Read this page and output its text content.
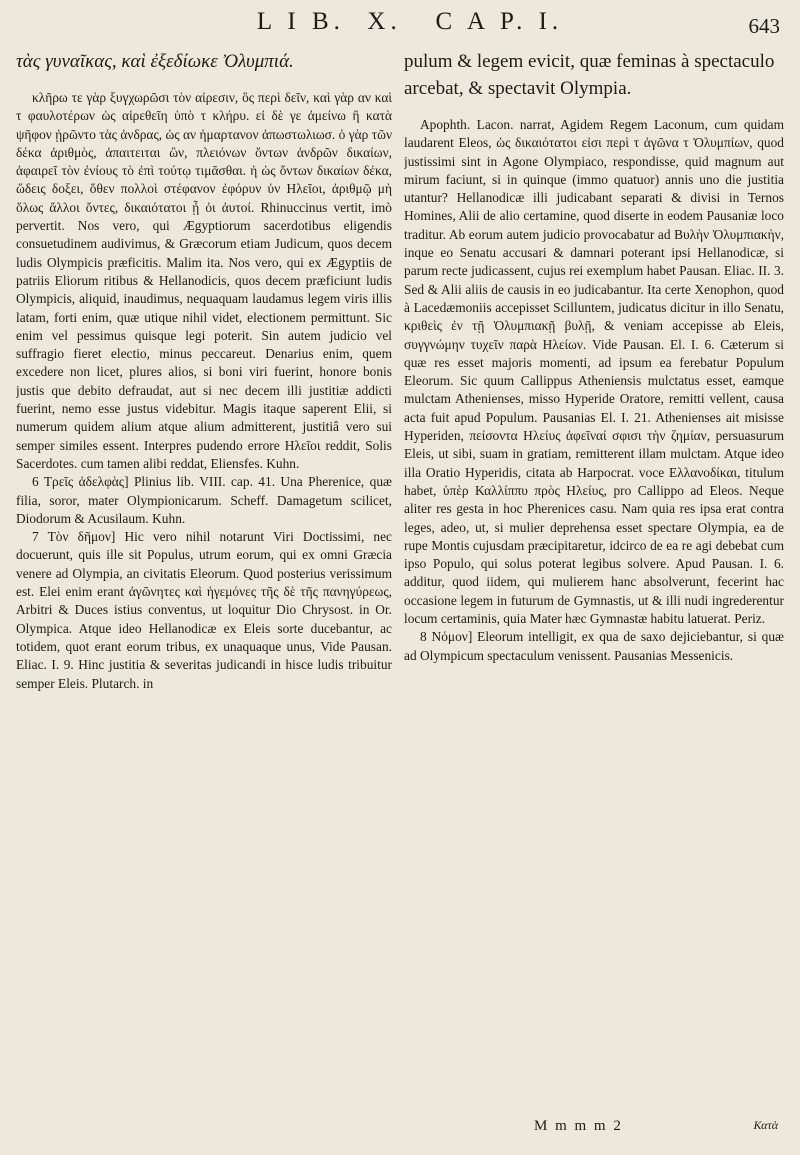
L I B. X. C A P. I.	643

τὰς γυναῖκας, καὶ ἐξεδίωκε Ὀλυμπιά.

κλῆρω τε γὰρ ξυγχωρῶσι τὸν αἰρεσιν, ὃς περὶ δεῖν, καὶ γὰρ αν καὶ τ φαυλοτέρων ὡς αἱρεθεῖη ὑπὸ τ κλήρυ. εἰ δὲ γε ἀμείνω ἢ κατὰ ψῆφον ᾑρῶντο τὰς ἀνδρας, ὡς αν ἡμαρτανον ἀπωστωλιωσ. ὁ γὰρ τῶν δέκα ἀριθμὸς, ἀπαιτειται ὢν, πλειόνων ὄντων ἀνδρῶν δικαίων, ἀφαιρεῖ τὸν ἐνίους τὸ ἐπὶ τούτῳ τιμᾶσθαι. ἡ ὡς ὄντων δικαίων δέκα, ὥδεις δοξει, ὅθεν πολλοὶ στέφανον ἐφόρυν ὑν Ηλεῖοι, ἀριθμῷ μὴ ὅλως ἄλλοι ὄντες, δικαιότατοι ᾖ ὀι ἀυτοί. Rhinuccinus vertit, imò pervertit. Nos vero, qui Ægyptiorum sacerdotibus eligendis consuetudinem audivimus, & Græcorum etiam Judicum, quos decem ludis Olympicis præficitis. Malim ita. Nos vero, qui ex Ægyptiis de patriis Eliorum ritibus & Hellanodicis, quos decem præficiunt ludis Olympicis, aliquid, inaudimus, nequaquam laudamus legem viris illis latam, forti enim, quæ utique nihil videt, electionem permittunt. Sic enim vel pessimus quisque legi poterit. Sin autem judicio vel suffragio fieret electio, minus peccareut. Denarius enim, quem excedere non licet, plures alios, si boni viri fuerint, honore bonis justis que debito defraudat, aut si nec decem illi justitiæ addicti fuerint, nemo esse justus videbitur. Magis itaque saperent Elii, si numerum quidem alium atque alium admitterent, justitiâ vero sui semper similes essent. Interpres pudendo errore Ηλεῖοι reddit, Solis Sacerdotes. cum tamen alibi reddat, Eliensfes. Kuhn.

6 Τρεῖς ἀδελφὰς] Plinius lib. VIII. cap. 41. Una Pherenice, quæ filia, soror, mater Olympionicarum. Scheff. Damagetum scilicet, Diodorum & Acusilaum. Kuhn.

7 Τὸν δῆμον] Hic vero nihil notarunt Viri Doctissimi, nec docuerunt, quis ille sit Populus, utrum eorum, qui ex omni Græcia venere ad Olympia, an civitatis Eleorum. Quod posterius verissimum est. Elei enim erant ἀγῶνητες καὶ ἡγεμόνες τῆς δὲ τῆς πανηγύρεως, Arbitri & Duces istius conventus, ut loquitur Dio Chrysost. in Or. Olympica. Atque ideo Hellanodicæ ex Eleis sorte ducebantur, ac totidem, quot erant eorum tribus, ex unaquaque unus, Vide Pausan. Eliac. I. 9. Hinc justitia & severitas judicandi in hisce ludis tribuitur semper Eleis. Plutarch. in

pulum & legem evicit, quæ feminas à spectaculo arcebat, & spectavit Olympia.

Apophth. Lacon. narrat, Agidem Regem Laconum, cum quidam laudarent Eleos, ὡς δικαιότατοι εἰσι περὶ τ ἀγῶνα τ Ὀλυμπίων, quod justissimi sint in Agone Olympiaco, respondisse, quid magnum aut mirum faciunt, si in quinque (immo quatuor) annis uno die justitia utantur? Hellanodicæ illi judicabant separati & divisi in Ternos Homines, Alii de alio certamine, quod diserte in eodem Pausaniæ loco traditur. Ab eorum autem judicio provocabatur ad Βυλὴν Ὀλυμπιακὴν, inque eo Senatu accusari & damnari poterant ipsi Hellanodicæ, si parum recte judicassent, cujus rei exemplum habet Pausan. Eliac. II. 3. Sed & Alii aliis de causis in eo judicabantur. Ita certe Xenophon, quod à Lacedæmoniis accepisset Scilluntem, judicatus dicitur in illo Senatu, κριθεὶς ἐν τῇ Ὀλυμπιακῇ βυλῇ, & veniam accepisse ab Eleis, συγγνώμην τυχεῖν παρὰ Ηλείων. Vide Pausan. El. I. 6. Cæterum si quæ res esset majoris momenti, ad ipsum ea ferebatur Populum Eleorum. Sic quum Callippus Atheniensis mulctatus esset, eamque mulctam Athenienses, misso Hyperide Oratore, remitti vellent, causa acta fuit apud Populum. Pausanias El. I. 21. Athenienses ait misisse Hyperiden, πείσοντα Ηλείυς ἀφεῖναί σφισι τὴν ζημίαν, persuasurum Eleis, ut sibi, suam in gratiam, remitterent illam mulctam. Atque ideo illa Oratio Hyperidis, citata ab Harpocrat. voce Ελλανοδίκαι, titulum habet, ὑπὲρ Καλλίππυ πρὸς Ηλείυς, pro Callippo ad Eleos. Neque aliter res gesta in hoc Pherenices casu. Nam quia res ipsa erat contra leges, adeo, ut, si mulier deprehensa esset spectare Olympia, ea de rupe Montis cujusdam præcipitaretur, idcirco de ea re agi debebat cum ipso Populo, qui solus poterat legibus solvere. Apud Pausan. I. 6. additur, quod iidem, qui mulierem hanc absolverunt, fecerint hac occasione legem in futurum de Gymnastis, ut & illi nudi ingrederentur locum certaminis, quia Mater hæc Gymnastæ habitu latuerat. Periz.

8 Νόμον] Eleorum intelligit, ex qua de saxo dejiciebantur, si quæ ad Olympicum spectaculum venissent. Pausanias Messenicis.

M m m m 2	Κατὰ
